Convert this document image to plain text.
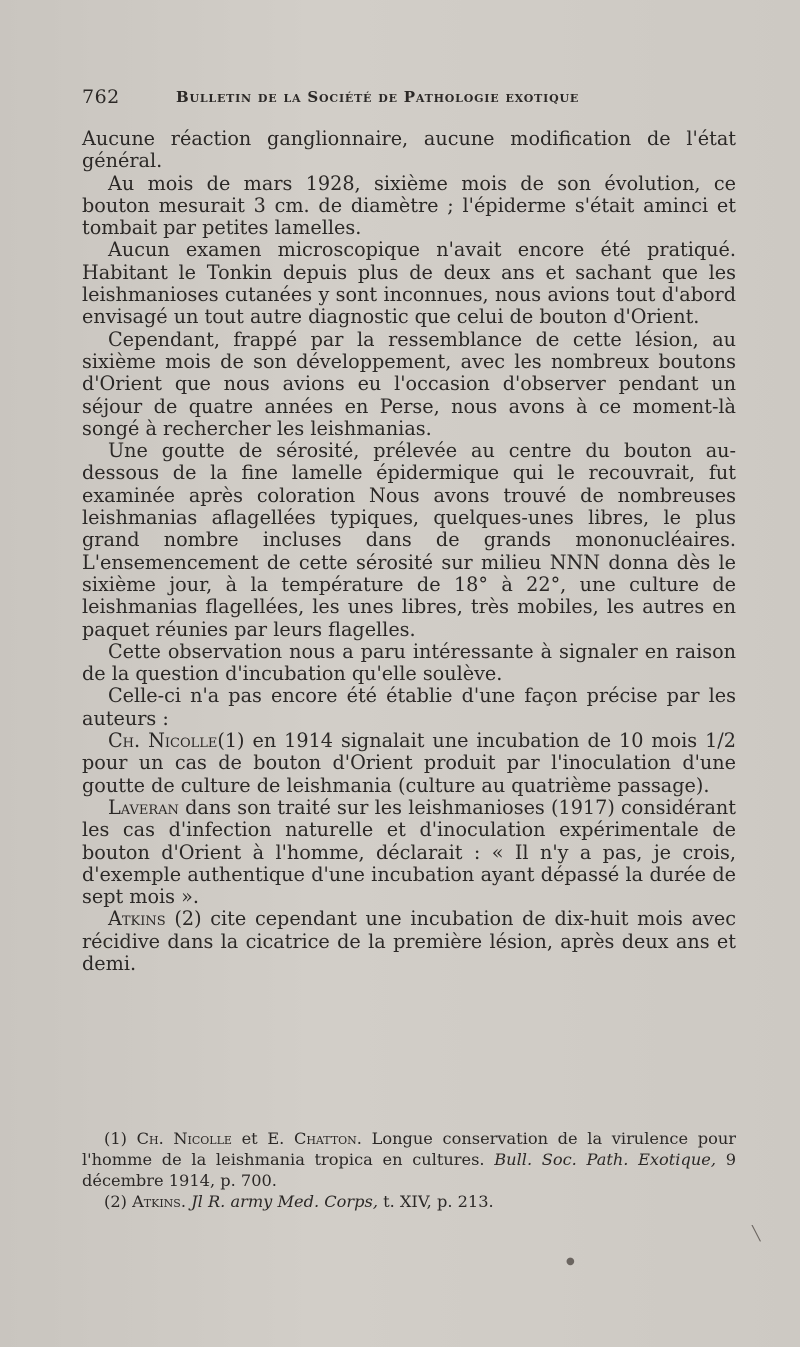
762	Bulletin de la Société de Pathologie exotique

Aucune réaction ganglionnaire, aucune modification de l'état général.

Au mois de mars 1928, sixième mois de son évolution, ce bouton mesurait 3 cm. de diamètre ; l'épiderme s'était aminci et tombait par petites lamelles.

Aucun examen microscopique n'avait encore été pratiqué. Habitant le Tonkin depuis plus de deux ans et sachant que les leishmanioses cutanées y sont inconnues, nous avions tout d'abord envisagé un tout autre diagnostic que celui de bouton d'Orient.

Cependant, frappé par la ressemblance de cette lésion, au sixième mois de son développement, avec les nombreux boutons d'Orient que nous avions eu l'occasion d'observer pendant un séjour de quatre années en Perse, nous avons à ce moment-là songé à rechercher les leishmanias.

Une goutte de sérosité, prélevée au centre du bouton au-dessous de la fine lamelle épidermique qui le recouvrait, fut examinée après coloration Nous avons trouvé de nombreuses leishmanias aflagellées typiques, quelques-unes libres, le plus grand nombre incluses dans de grands mononucléaires. L'ensemencement de cette sérosité sur milieu NNN donna dès le sixième jour, à la température de 18° à 22°, une culture de leishmanias flagellées, les unes libres, très mobiles, les autres en paquet réunies par leurs flagelles.

Cette observation nous a paru intéressante à signaler en raison de la question d'incubation qu'elle soulève.

Celle-ci n'a pas encore été établie d'une façon précise par les auteurs :

Ch. Nicolle(1) en 1914 signalait une incubation de 10 mois 1/2 pour un cas de bouton d'Orient produit par l'inoculation d'une goutte de culture de leishmania (culture au quatrième passage).

Laveran dans son traité sur les leishmanioses (1917) considérant les cas d'infection naturelle et d'inoculation expérimentale de bouton d'Orient à l'homme, déclarait : « Il n'y a pas, je crois, d'exemple authentique d'une incubation ayant dépassé la durée de sept mois ».

Atkins (2) cite cependant une incubation de dix-huit mois avec récidive dans la cicatrice de la première lésion, après deux ans et demi.

(1) Ch. Nicolle et E. Chatton. Longue conservation de la virulence pour l'homme de la leishmania tropica en cultures. Bull. Soc. Path. Exotique, 9 décembre 1914, p. 700.

(2) Atkins. Jl R. army Med. Corps, t. XIV, p. 213.

╲
●
